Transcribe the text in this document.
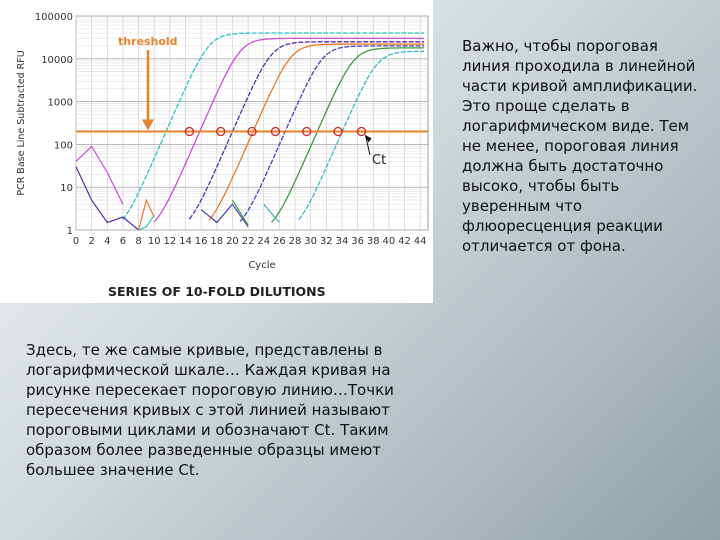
1
10
100
1000
10000
100000
0 2 4 6 8 10 12 14 16 18 20 22 24 26 28 30 32 34 36 38 40 42 44
Cycle
PCR Base Line Subtracted RFU
SERIES OF 10-FOLD DILUTIONS
threshold
Ct
Важно, чтобы пороговая линия проходила в линейной части кривой амплификации. Это проще сделать в логарифмическом виде. Тем не менее, пороговая линия должна быть достаточно высоко, чтобы быть уверенным что флюоресценция реакции отличается от фона.
Здесь, те же самые кривые, представлены в логарифмической шкале… Каждая кривая на рисунке пересекает пороговую линию…Точки пересечения кривых с этой линией называют пороговыми циклами и обозначают Ct. Таким образом более разведенные образцы имеют большее значение Ct.
